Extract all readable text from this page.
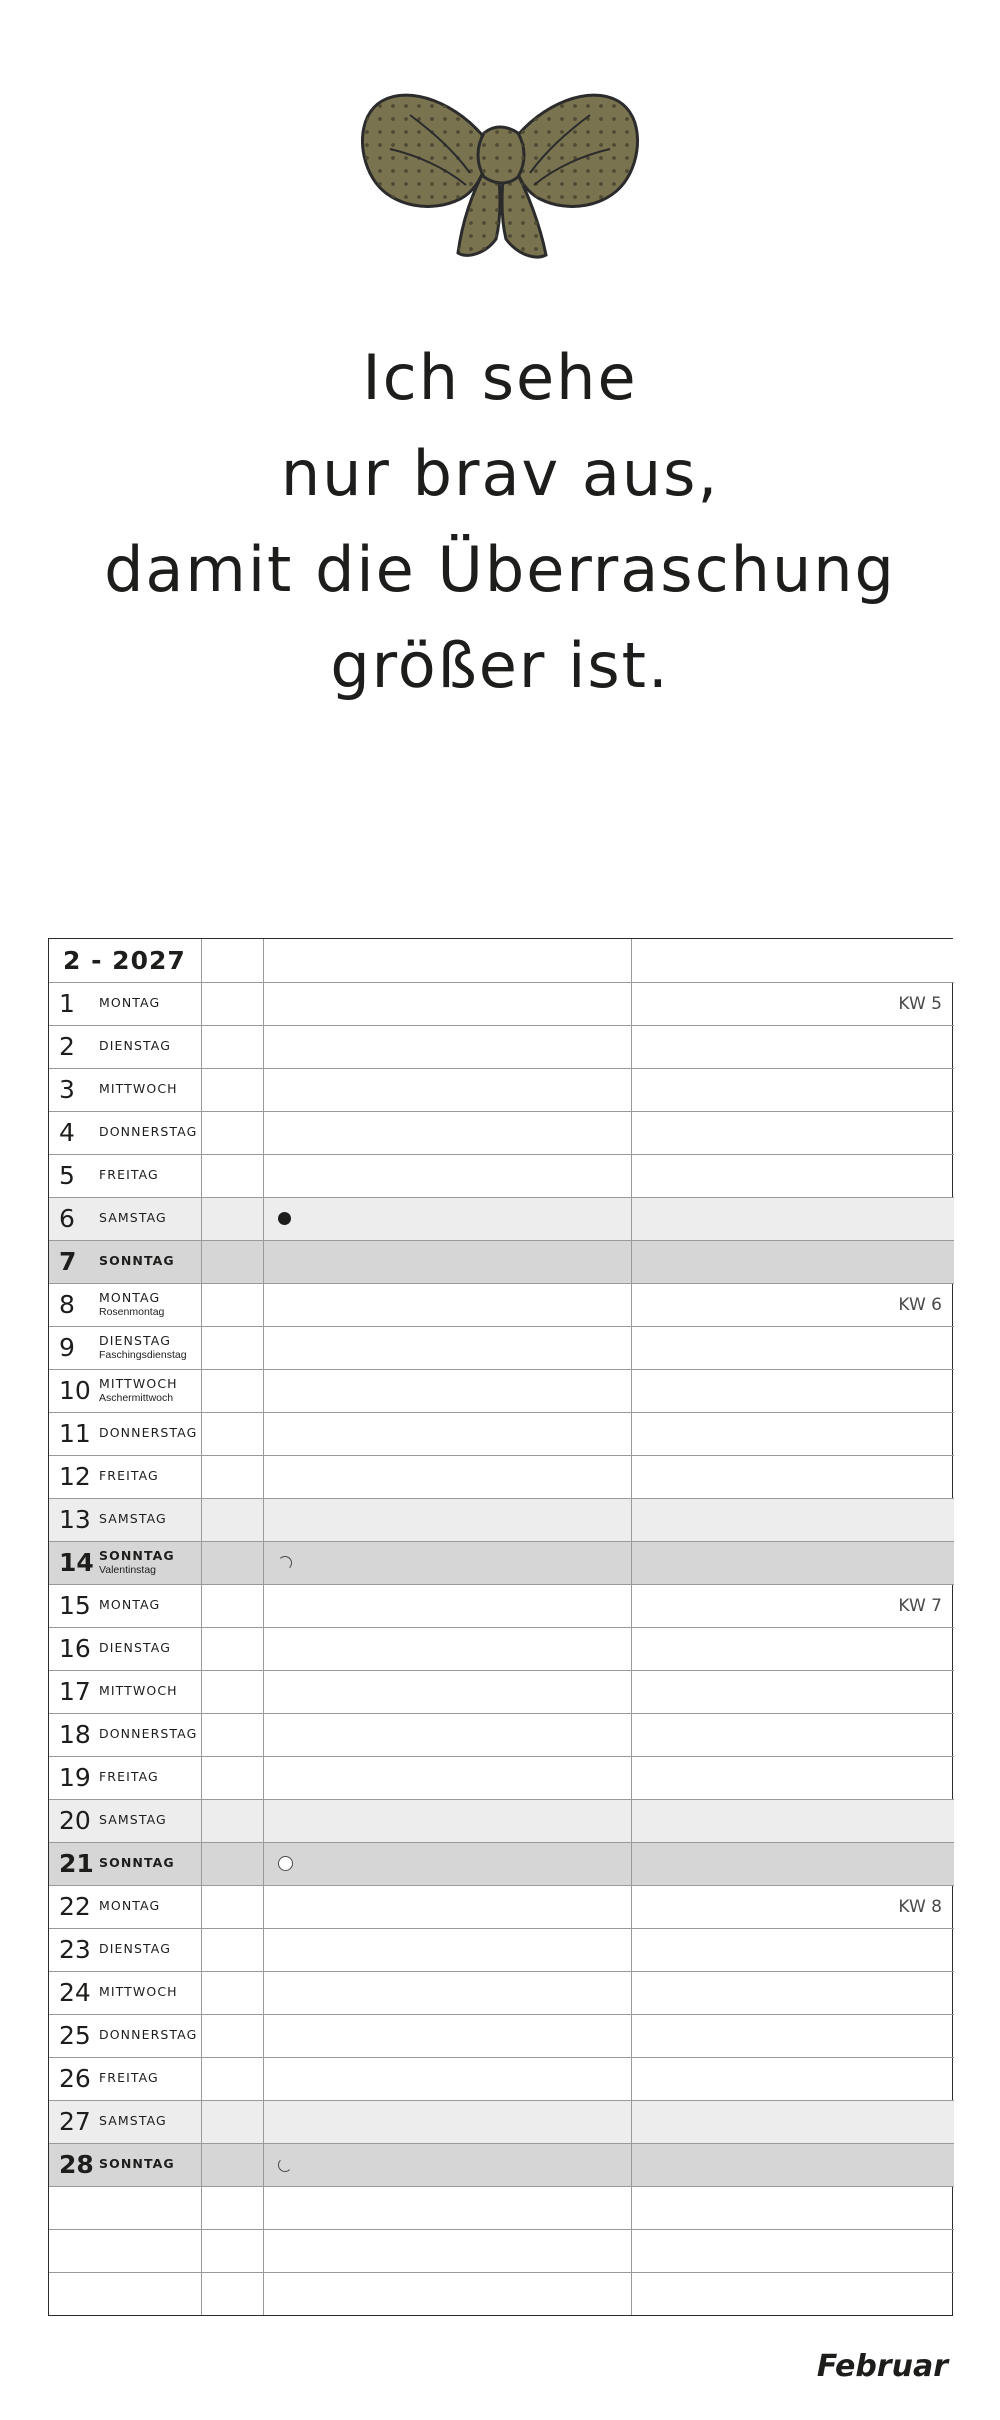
Ich sehe
nur brav aus,
damit die Überraschung
größer ist.
2 - 2027			

1 MONTAG			KW 5

2 DIENSTAG			

3 MITTWOCH			

4 DONNERSTAG			

5 FREITAG			

6 SAMSTAG			

7 SONNTAG			

8 MONTAG
Rosenmontag			KW 6

9 DIENSTAG
Faschingsdienstag			

10 MITTWOCH
Aschermittwoch			

11 DONNERSTAG			

12 FREITAG			

13 SAMSTAG			

14 SONNTAG
Valentinstag			

15 MONTAG			KW 7

16 DIENSTAG			

17 MITTWOCH			

18 DONNERSTAG			

19 FREITAG			

20 SAMSTAG			

21 SONNTAG			

22 MONTAG			KW 8

23 DIENSTAG			

24 MITTWOCH			

25 DONNERSTAG			

26 FREITAG			

27 SAMSTAG			

28 SONNTAG			

Februar
